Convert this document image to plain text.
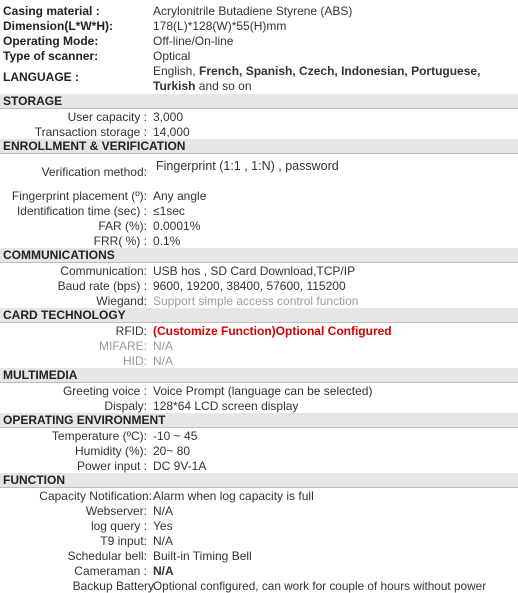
Casing material :	Acrylonitrile Butadiene Styrene (ABS)
Dimension(L*W*H):	178(L)*128(W)*55(H)mm
Operating Mode:	Off-line/On-line
Type of scanner:	Optical
LANGUAGE :	English, French, Spanish, Czech, Indonesian, Portuguese,
Turkish and so on
STORAGE
User capacity : 3,000
Transaction storage : 14,000
ENROLLMENT & VERIFICATION
Verification method: Fingerprint (1:1 , 1:N) , password
Fingerprint placement (º): Any angle
Identification time (sec) : ≤1sec
FAR (%): 0.0001%
FRR( %) : 0.1%
COMMUNICATIONS
Communication: USB hos , SD Card Download,TCP/IP
Baud rate (bps) : 9600, 19200, 38400, 57600, 115200
Wiegand: Support simple access control function
CARD TECHNOLOGY
RFID: (Customize Function)Optional Configured
MIFARE: N/A
HID: N/A
MULTIMEDIA
Greeting voice : Voice Prompt (language can be selected)
Dispaly: 128*64 LCD screen display
OPERATING ENVIRONMENT
Temperature (ºC): -10 ~ 45
Humidity (%): 20~ 80
Power input : DC 9V-1A
FUNCTION
Capacity Notification: Alarm when log capacity is full
Webserver: N/A
log query : Yes
T9 input: N/A
Schedular bell: Built-in Timing Bell
Cameraman : N/A
Backup Battery Optional configured, can work for couple of hours without power
